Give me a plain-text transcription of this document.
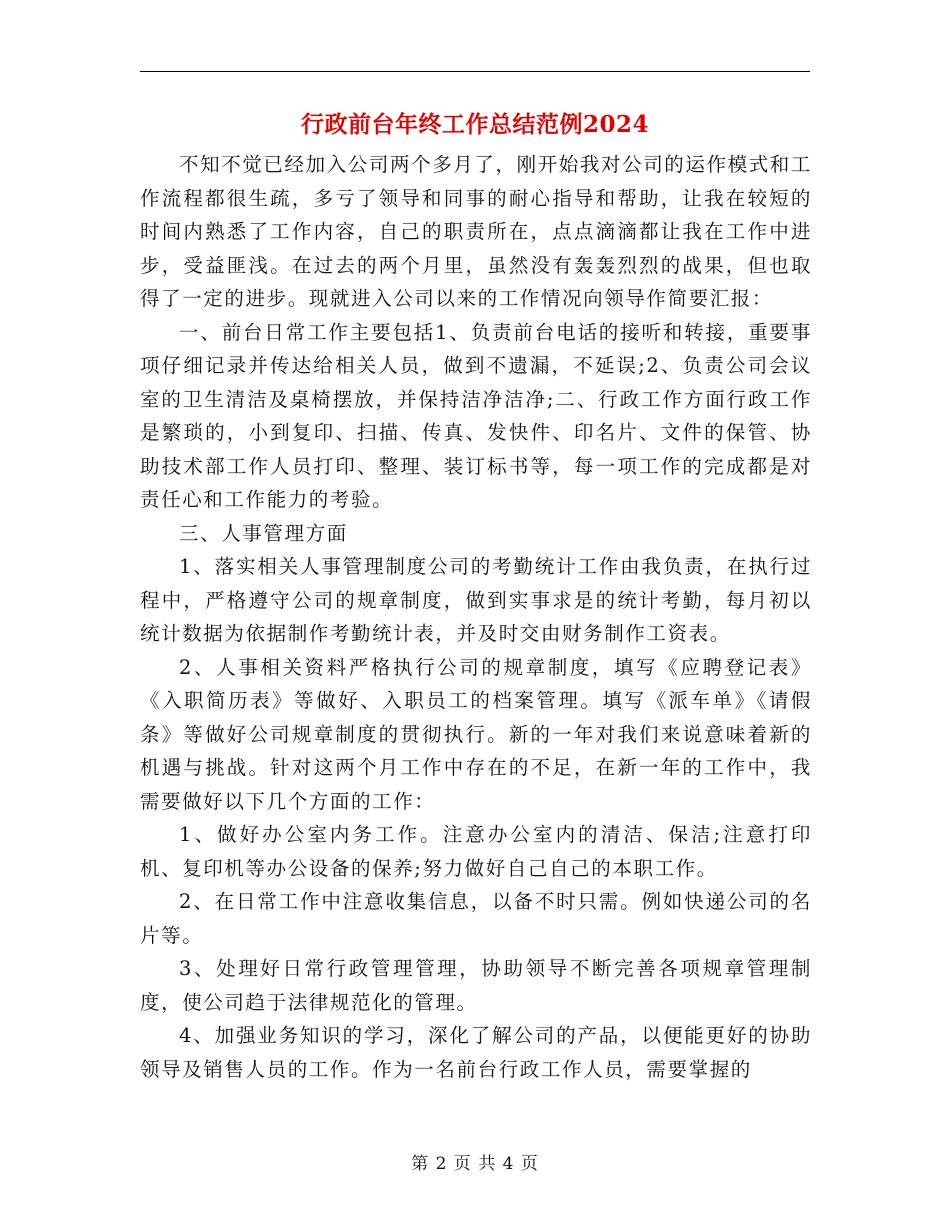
行政前台年终工作总结范例2024

不知不觉已经加入公司两个多月了，刚开始我对公司的运作模式和工作流程都很生疏，多亏了领导和同事的耐心指导和帮助，让我在较短的时间内熟悉了工作内容，自己的职责所在，点点滴滴都让我在工作中进步，受益匪浅。在过去的两个月里，虽然没有轰轰烈烈的战果，但也取得了一定的进步。现就进入公司以来的工作情况向领导作简要汇报：

一、前台日常工作主要包括1、负责前台电话的接听和转接，重要事项仔细记录并传达给相关人员，做到不遗漏，不延误;2、负责公司会议室的卫生清洁及桌椅摆放，并保持洁净洁净;二、行政工作方面行政工作是繁琐的，小到复印、扫描、传真、发快件、印名片、文件的保管、协助技术部工作人员打印、整理、装订标书等，每一项工作的完成都是对责任心和工作能力的考验。

三、人事管理方面

1、落实相关人事管理制度公司的考勤统计工作由我负责，在执行过程中，严格遵守公司的规章制度，做到实事求是的统计考勤，每月初以统计数据为依据制作考勤统计表，并及时交由财务制作工资表。

2、人事相关资料严格执行公司的规章制度，填写《应聘登记表》《入职简历表》等做好、入职员工的档案管理。填写《派车单》《请假条》等做好公司规章制度的贯彻执行。新的一年对我们来说意味着新的机遇与挑战。针对这两个月工作中存在的不足，在新一年的工作中，我需要做好以下几个方面的工作：

1、做好办公室内务工作。注意办公室内的清洁、保洁;注意打印机、复印机等办公设备的保养;努力做好自己自己的本职工作。

2、在日常工作中注意收集信息，以备不时只需。例如快递公司的名片等。

3、处理好日常行政管理管理，协助领导不断完善各项规章管理制度，使公司趋于法律规范化的管理。

4、加强业务知识的学习，深化了解公司的产品，以便能更好的协助领导及销售人员的工作。作为一名前台行政工作人员，需要掌握的

第 2 页 共 4 页
